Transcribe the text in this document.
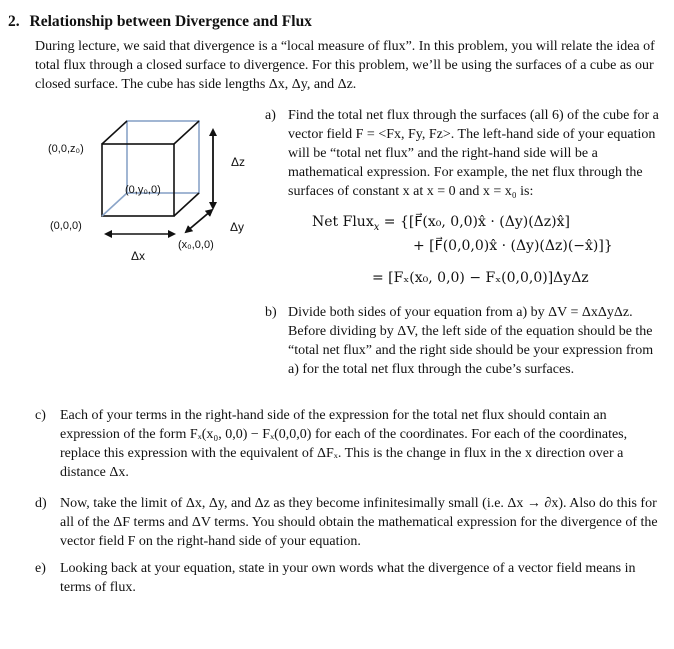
2. Relationship between Divergence and Flux
During lecture, we said that divergence is a “local measure of flux”. In this problem, you will relate the idea of total flux through a closed surface to divergence. For this problem, we’ll be using the surfaces of a cube as our closed surface. The cube has side lengths Δx, Δy, and Δz.
(0,0,z₀)
(0,0,0)
(0,y₀,0)
(x₀,0,0)
Δz
Δy
Δx
a) Find the total net flux through the surfaces (all 6) of the cube for a vector field F = <Fx, Fy, Fz>. The left-hand side of your equation will be “total net flux” and the right-hand side will be a mathematical expression. For example, the net flux through the surfaces of constant x at x = 0 and x = x₀ is:
Net Flux$_x$ = {[F⃗(x₀, 0,0)x̂ · (Δy)(Δz)x̂]
+ [F⃗(0,0,0)x̂ · (Δy)(Δz)(−x̂)]}
= [Fₓ(x₀, 0,0) − Fₓ(0,0,0)]ΔyΔz
b) Divide both sides of your equation from a) by ΔV = ΔxΔyΔz. Before dividing by ΔV, the left side of the equation should be the “total net flux” and the right side should be your expression from a) for the total net flux through the cube’s surfaces.
c)	Each of your terms in the right-hand side of the expression for the total net flux should contain an expression of the form Fₓ(x₀, 0,0) − Fₓ(0,0,0) for each of the coordinates. For each of the coordinates, replace this expression with the equivalent of ΔFₓ. This is the change in flux in the x direction over a distance Δx.
d) Now, take the limit of Δx, Δy, and Δz as they become infinitesimally small (i.e. Δx → ∂x). Also do this for all of the ΔF terms and ΔV terms. You should obtain the mathematical expression for the divergence of the vector field F on the right-hand side of your equation.
e)	Looking back at your equation, state in your own words what the divergence of a vector field means in terms of flux.
